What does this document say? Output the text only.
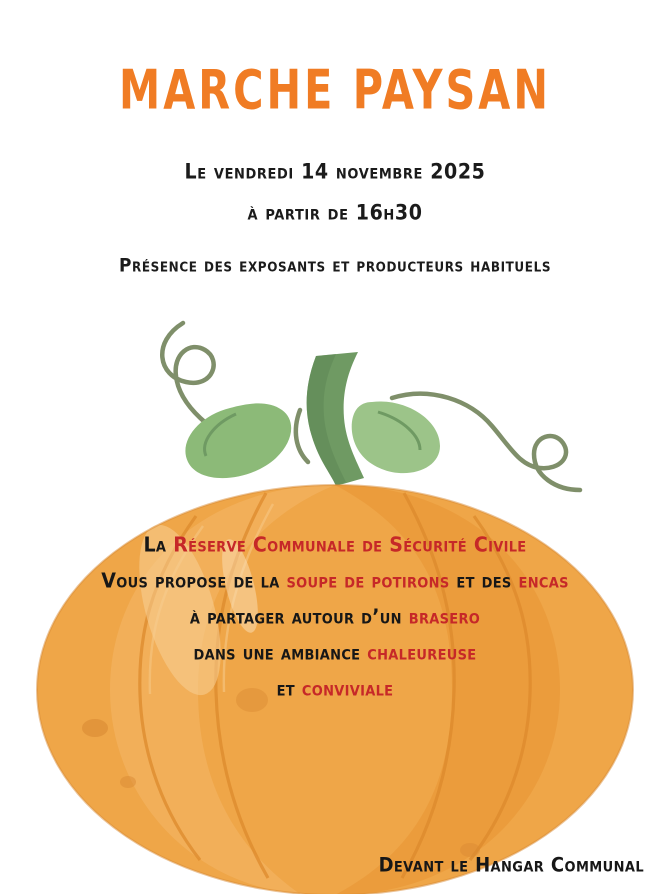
MARCHE PAYSAN
Le vendredi 14 novembre 2025
à partir de 16h30
Présence des exposants et producteurs habituels
La Réserve Communale de Sécurité Civile
Vous propose de la soupe de potirons et des encas
à partager autour d’un brasero
dans une ambiance chaleureuse
et conviviale
Devant le Hangar Communal
